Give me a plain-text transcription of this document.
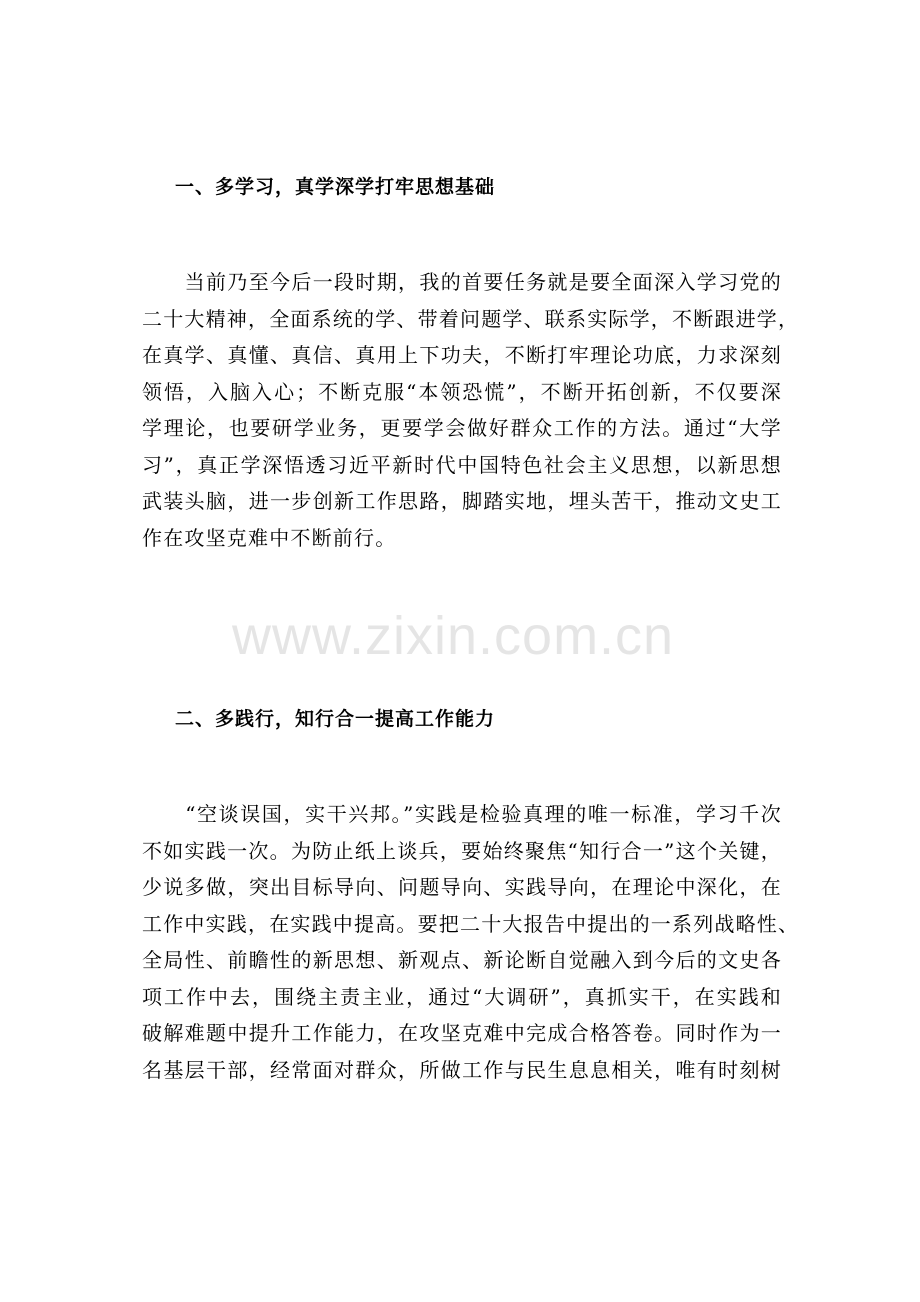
一、多学习，真学深学打牢思想基础

　　当前乃至今后一段时期，我的首要任务就是要全面深入学习党的
二十大精神，全面系统的学、带着问题学、联系实际学，不断跟进学，
在真学、真懂、真信、真用上下功夫，不断打牢理论功底，力求深刻
领悟，入脑入心；不断克服“本领恐慌”，不断开拓创新，不仅要深
学理论，也要研学业务，更要学会做好群众工作的方法。通过“大学
习”，真正学深悟透习近平新时代中国特色社会主义思想，以新思想
武装头脑，进一步创新工作思路，脚踏实地，埋头苦干，推动文史工
作在攻坚克难中不断前行。

二、多践行，知行合一提高工作能力

　　“空谈误国，实干兴邦。”实践是检验真理的唯一标准，学习千次
不如实践一次。为防止纸上谈兵，要始终聚焦“知行合一”这个关键，
少说多做，突出目标导向、问题导向、实践导向，在理论中深化，在
工作中实践，在实践中提高。要把二十大报告中提出的一系列战略性、
全局性、前瞻性的新思想、新观点、新论断自觉融入到今后的文史各
项工作中去，围绕主责主业，通过“大调研”，真抓实干，在实践和
破解难题中提升工作能力，在攻坚克难中完成合格答卷。同时作为一
名基层干部，经常面对群众，所做工作与民生息息相关，唯有时刻树

www.zixin.com.cn
